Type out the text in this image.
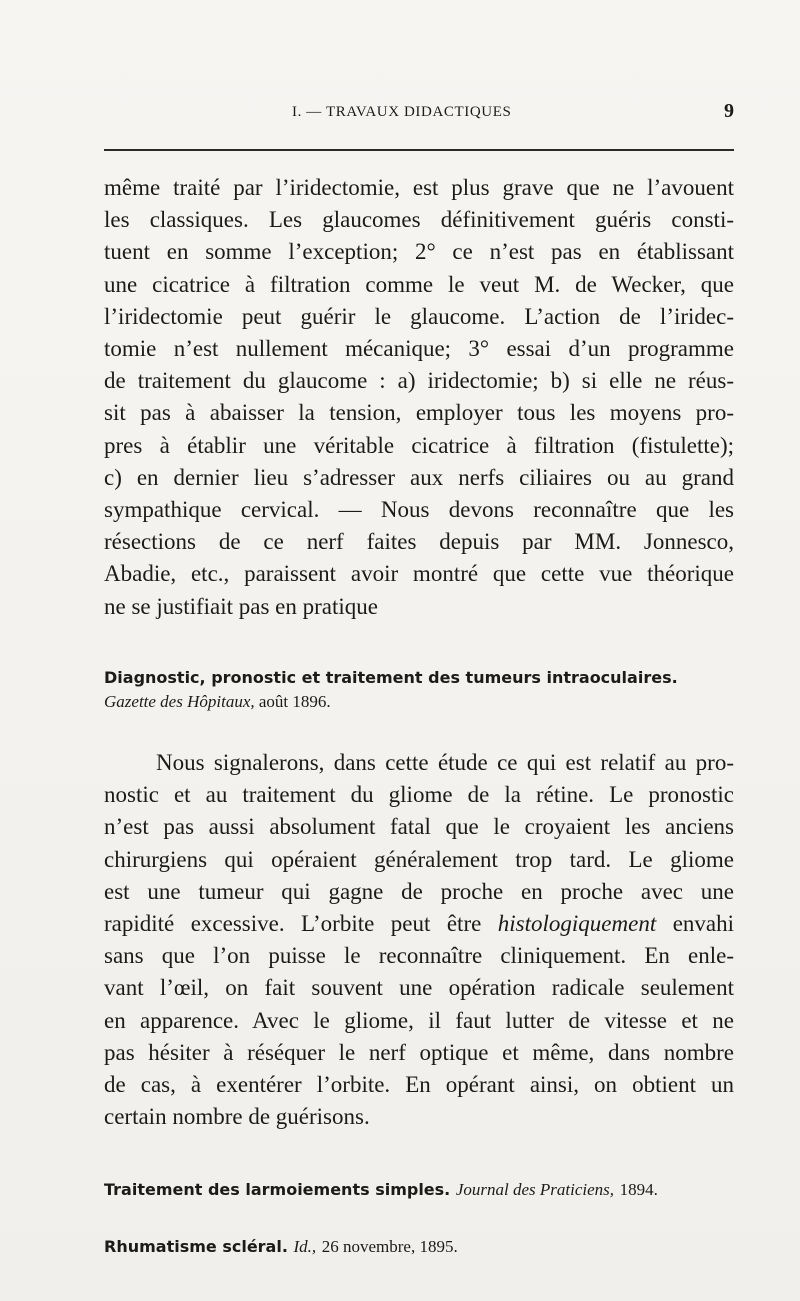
I. — TRAVAUX DIDACTIQUES	9
même traité par l’iridectomie, est plus grave que ne l’avouent
les classiques. Les glaucomes définitivement guéris consti-
tuent en somme l’exception; 2° ce n’est pas en établissant
une cicatrice à filtration comme le veut M. de Wecker, que
l’iridectomie peut guérir le glaucome. L’action de l’iridec-
tomie n’est nullement mécanique; 3° essai d’un programme
de traitement du glaucome : a) iridectomie; b) si elle ne réus-
sit pas à abaisser la tension, employer tous les moyens pro-
pres à établir une véritable cicatrice à filtration (fistulette);
c) en dernier lieu s’adresser aux nerfs ciliaires ou au grand
sympathique cervical. — Nous devons reconnaître que les
résections de ce nerf faites depuis par MM. Jonnesco,
Abadie, etc., paraissent avoir montré que cette vue théorique
ne se justifiait pas en pratique
Diagnostic, pronostic et traitement des tumeurs intraoculaires.
Gazette des Hôpitaux, août 1896.
Nous signalerons, dans cette étude ce qui est relatif au pro-
nostic et au traitement du gliome de la rétine. Le pronostic
n’est pas aussi absolument fatal que le croyaient les anciens
chirurgiens qui opéraient généralement trop tard. Le gliome
est une tumeur qui gagne de proche en proche avec une
rapidité excessive. L’orbite peut être histologiquement envahi
sans que l’on puisse le reconnaître cliniquement. En enle-
vant l’œil, on fait souvent une opération radicale seulement
en apparence. Avec le gliome, il faut lutter de vitesse et ne
pas hésiter à réséquer le nerf optique et même, dans nombre
de cas, à exentérer l’orbite. En opérant ainsi, on obtient un
certain nombre de guérisons.
Traitement des larmoiements simples. Journal des Praticiens, 1894.
Rhumatisme scléral. Id., 26 novembre, 1895.
